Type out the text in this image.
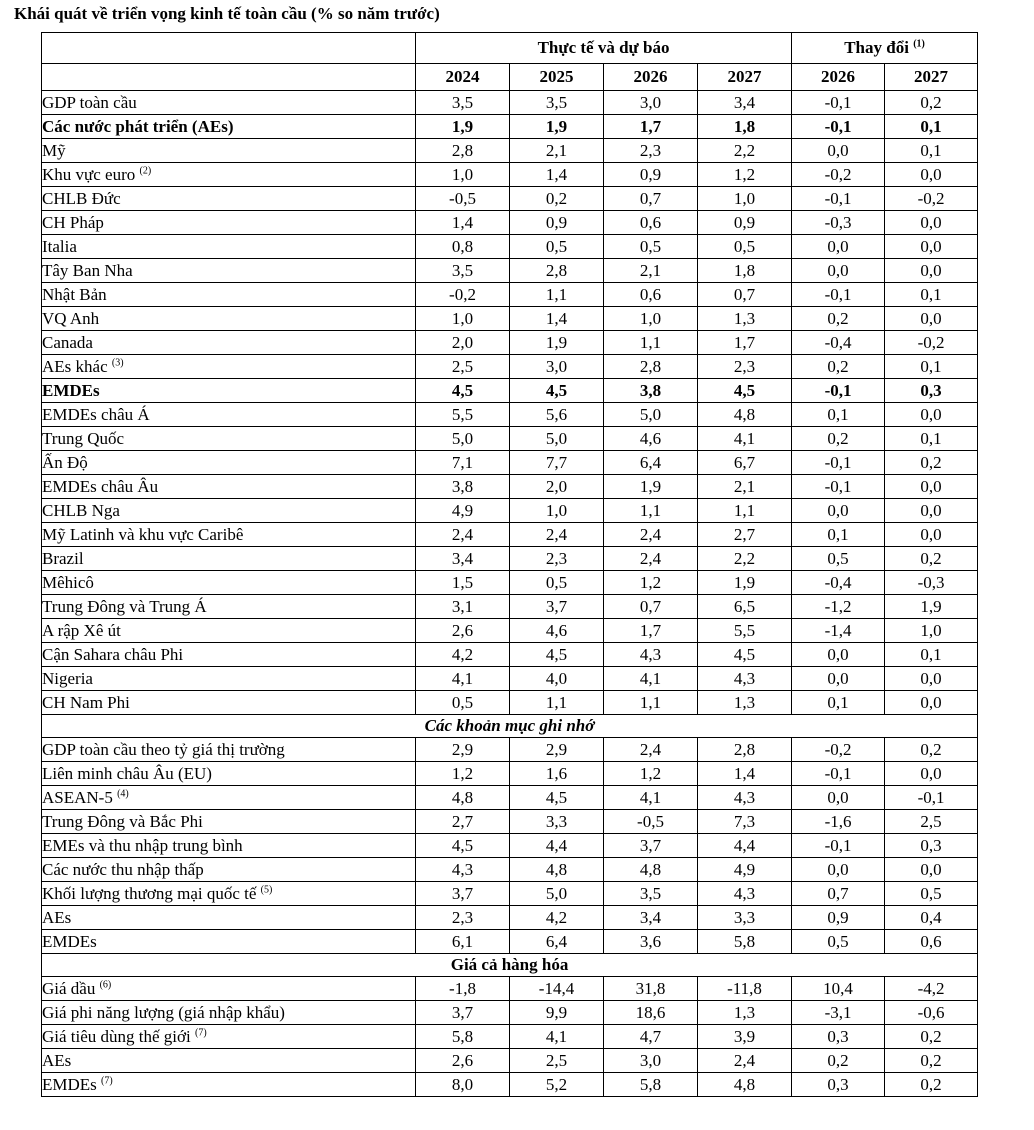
Khái quát về triển vọng kinh tế toàn cầu (% so năm trước)
	Thực tế và dự báo				Thay đổi $^{(1)}$
	2024	2025	2026	2027	2026	2027
GDP toàn cầu	3,5	3,5	3,0	3,4	-0,1	0,2
Các nước phát triển (AEs)	1,9	1,9	1,7	1,8	-0,1	0,1
Mỹ	2,8	2,1	2,3	2,2	0,0	0,1
Khu vực euro $^{(2)}$	1,0	1,4	0,9	1,2	-0,2	0,0
CHLB Đức	-0,5	0,2	0,7	1,0	-0,1	-0,2
CH Pháp	1,4	0,9	0,6	0,9	-0,3	0,0
Italia	0,8	0,5	0,5	0,5	0,0	0,0
Tây Ban Nha	3,5	2,8	2,1	1,8	0,0	0,0
Nhật Bản	-0,2	1,1	0,6	0,7	-0,1	0,1
VQ Anh	1,0	1,4	1,0	1,3	0,2	0,0
Canada	2,0	1,9	1,1	1,7	-0,4	-0,2
AEs khác $^{(3)}$	2,5	3,0	2,8	2,3	0,2	0,1
EMDEs	4,5	4,5	3,8	4,5	-0,1	0,3
EMDEs châu Á	5,5	5,6	5,0	4,8	0,1	0,0
Trung Quốc	5,0	5,0	4,6	4,1	0,2	0,1
Ấn Độ	7,1	7,7	6,4	6,7	-0,1	0,2
EMDEs châu Âu	3,8	2,0	1,9	2,1	-0,1	0,0
CHLB Nga	4,9	1,0	1,1	1,1	0,0	0,0
Mỹ Latinh và khu vực Caribê	2,4	2,4	2,4	2,7	0,1	0,0
Brazil	3,4	2,3	2,4	2,2	0,5	0,2
Mêhicô	1,5	0,5	1,2	1,9	-0,4	-0,3
Trung Đông và Trung Á	3,1	3,7	0,7	6,5	-1,2	1,9
A rập Xê út	2,6	4,6	1,7	5,5	-1,4	1,0
Cận Sahara châu Phi	4,2	4,5	4,3	4,5	0,0	0,1
Nigeria	4,1	4,0	4,1	4,3	0,0	0,0
CH Nam Phi	0,5	1,1	1,1	1,3	0,1	0,0
Các khoản mục ghi nhớ						
GDP toàn cầu theo tỷ giá thị trường	2,9	2,9	2,4	2,8	-0,2	0,2
Liên minh châu Âu (EU)	1,2	1,6	1,2	1,4	-0,1	0,0
ASEAN-5 $^{(4)}$	4,8	4,5	4,1	4,3	0,0	-0,1
Trung Đông và Bắc Phi	2,7	3,3	-0,5	7,3	-1,6	2,5
EMEs và thu nhập trung bình	4,5	4,4	3,7	4,4	-0,1	0,3
Các nước thu nhập thấp	4,3	4,8	4,8	4,9	0,0	0,0
Khối lượng thương mại quốc tế $^{(5)}$	3,7	5,0	3,5	4,3	0,7	0,5
AEs	2,3	4,2	3,4	3,3	0,9	0,4
EMDEs	6,1	6,4	3,6	5,8	0,5	0,6
Giá cả hàng hóa						
Giá dầu $^{(6)}$	-1,8	-14,4	31,8	-11,8	10,4	-4,2
Giá phi năng lượng (giá nhập khẩu)	3,7	9,9	18,6	1,3	-3,1	-0,6
Giá tiêu dùng thế giới $^{(7)}$	5,8	4,1	4,7	3,9	0,3	0,2
AEs	2,6	2,5	3,0	2,4	0,2	0,2
EMDEs $^{(7)}$	8,0	5,2	5,8	4,8	0,3	0,2
